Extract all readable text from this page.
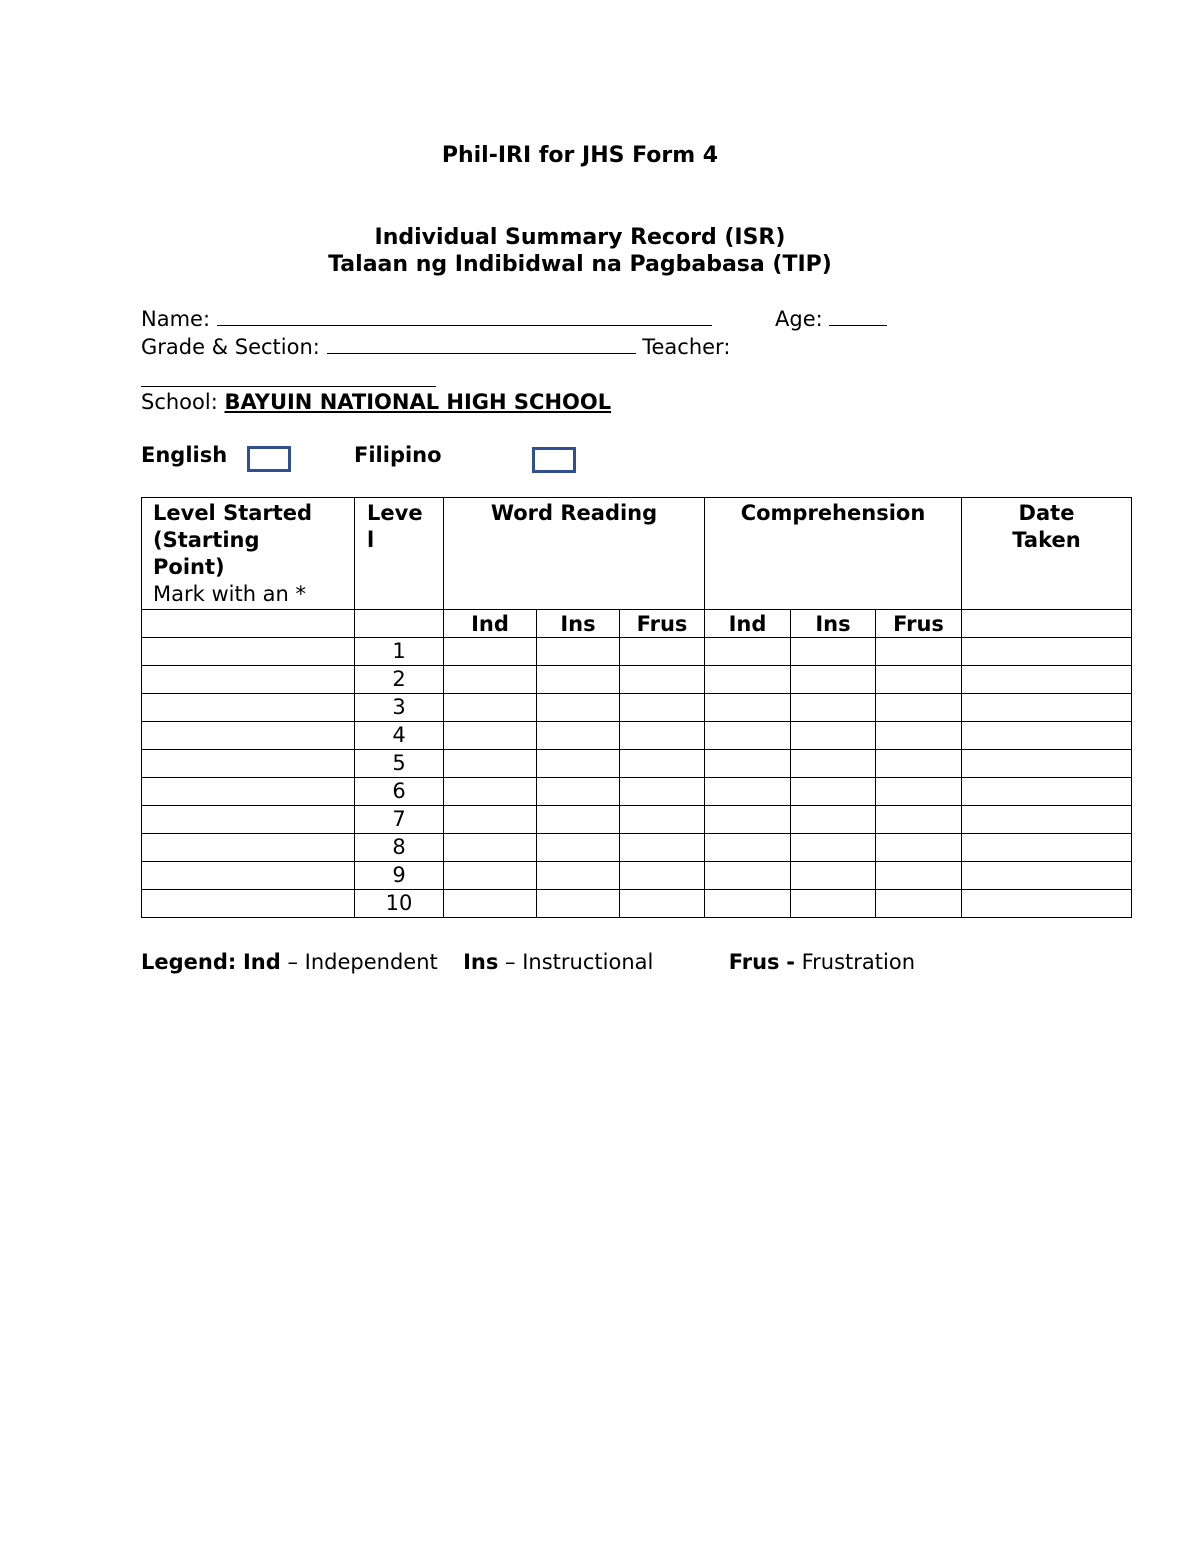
Phil-IRI for JHS Form 4
Individual Summary Record (ISR)
Talaan ng Indibidwal na Pagbabasa (TIP)
Name:	Age:
Grade & Section:	Teacher:
School: BAYUIN NATIONAL HIGH SCHOOL
English	Filipino
Level Started
(Starting
Point)
Mark with an *	Level	Word Reading			Comprehension			Date Taken

		Ind	Ins	Frus	Ind	Ins	Frus	
	1							
	2							
	3							
	4							
	5							
	6							
	7							
	8							
	9							
	10							
Legend: Ind – Independent Ins – Instructional	Frus - Frustration
